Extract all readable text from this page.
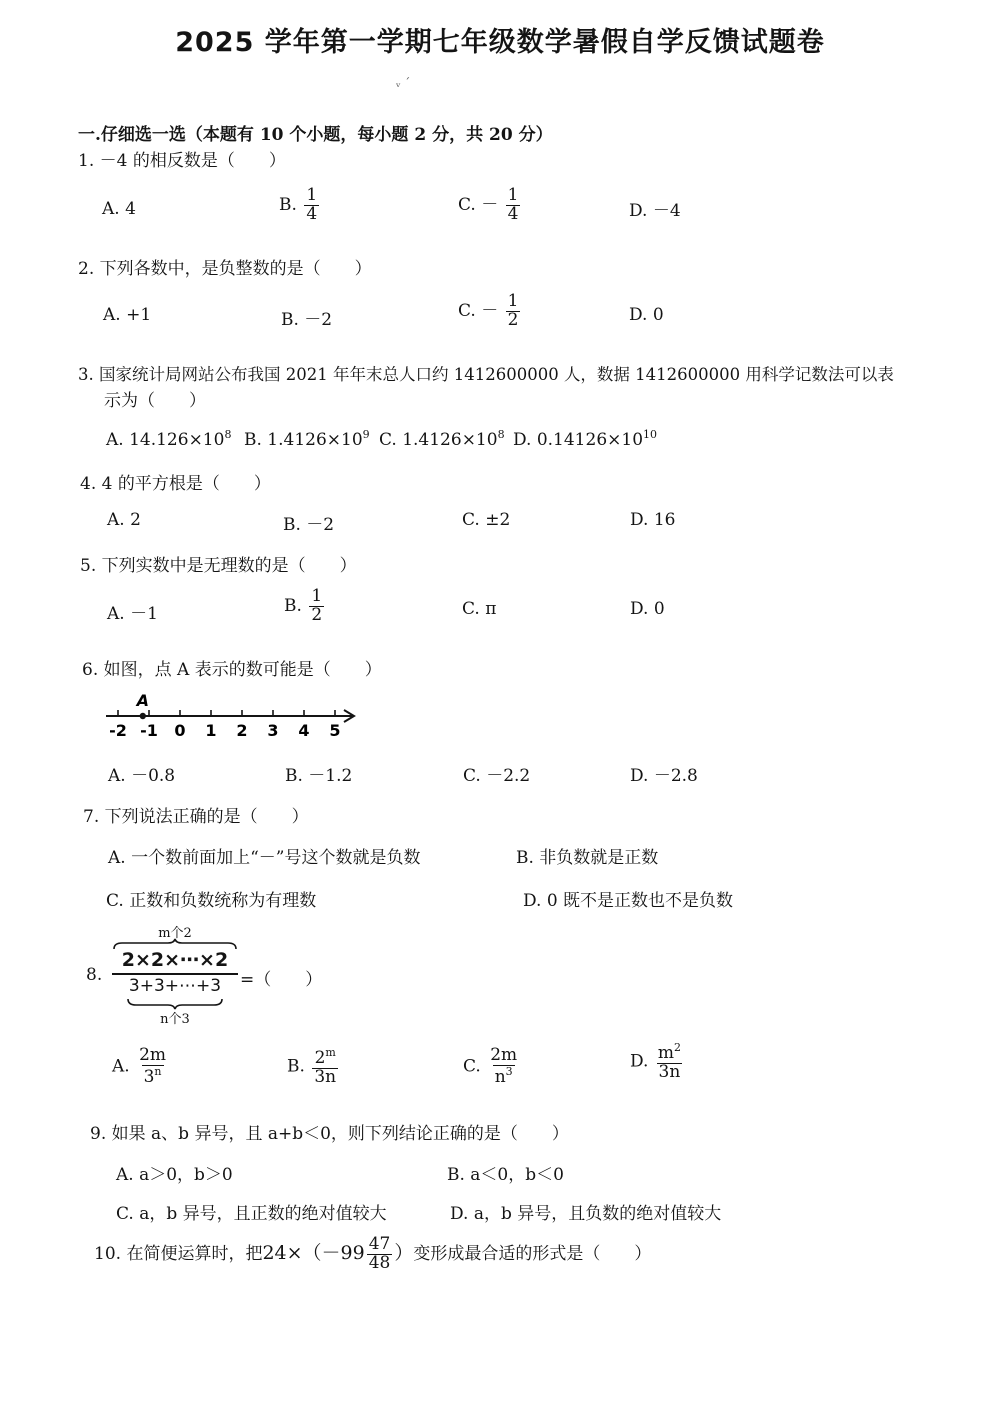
2025 学年第一学期七年级数学暑假自学反馈试题卷
ᵥ ´
一.仔细选一选（本题有 10 个小题，每小题 2 分，共 20 分）
1. －4 的相反数是（　　）
A. 4	B. $\frac{1}{4}$	C. － $\frac{1}{4}$	D. －4
2. 下列各数中，是负整数的是（　　）
A. +1	B. －2	C. － $\frac{1}{2}$	D. 0
3. 国家统计局网站公布我国 2021 年年末总人口约 1412600000 人，数据 1412600000 用科学记数法可以表
示为（　　）
A. $14.126\times 10^8$ B. $1.4126\times 10^9$ C. $1.4126\times 10^8$ D. $0.14126\times 10^{10}$
4. 4 的平方根是（　　）
A. 2	B. －2	C. ±2	D. 16
5. 下列实数中是无理数的是（　　）
A. －1	B. $\frac{1}{2}$	C. π	D. 0
6. 如图，点 A 表示的数可能是（　　）
-2 -1 0 1 2 3 4 5
A
A. －0.8	B. －1.2	C. －2.2	D. －2.8
7. 下列说法正确的是（　　）
A. 一个数前面加上“－”号这个数就是负数	B. 非负数就是正数
C. 正数和负数统称为有理数	D. 0 既不是正数也不是负数
8.
m个2
2×2×⋯×2
3+3+⋯+3
n个3
=（　　）
A. $\frac{2m}{3^n}$	B. $\frac{2^m}{3n}$	C. $\frac{2m}{n^3}$	D. $\frac{m^2}{3n}$
9. 如果 a、b 异号，且 a+b＜0，则下列结论正确的是（　　）
A. a＞0，b＞0	B. a＜0，b＜0
C. a，b 异号，且正数的绝对值较大	D. a，b 异号，且负数的绝对值较大
10. 在简便运算时，把$24\times(-99 \frac{47}{48}$ ）变形成最合适的形式是（　　）
